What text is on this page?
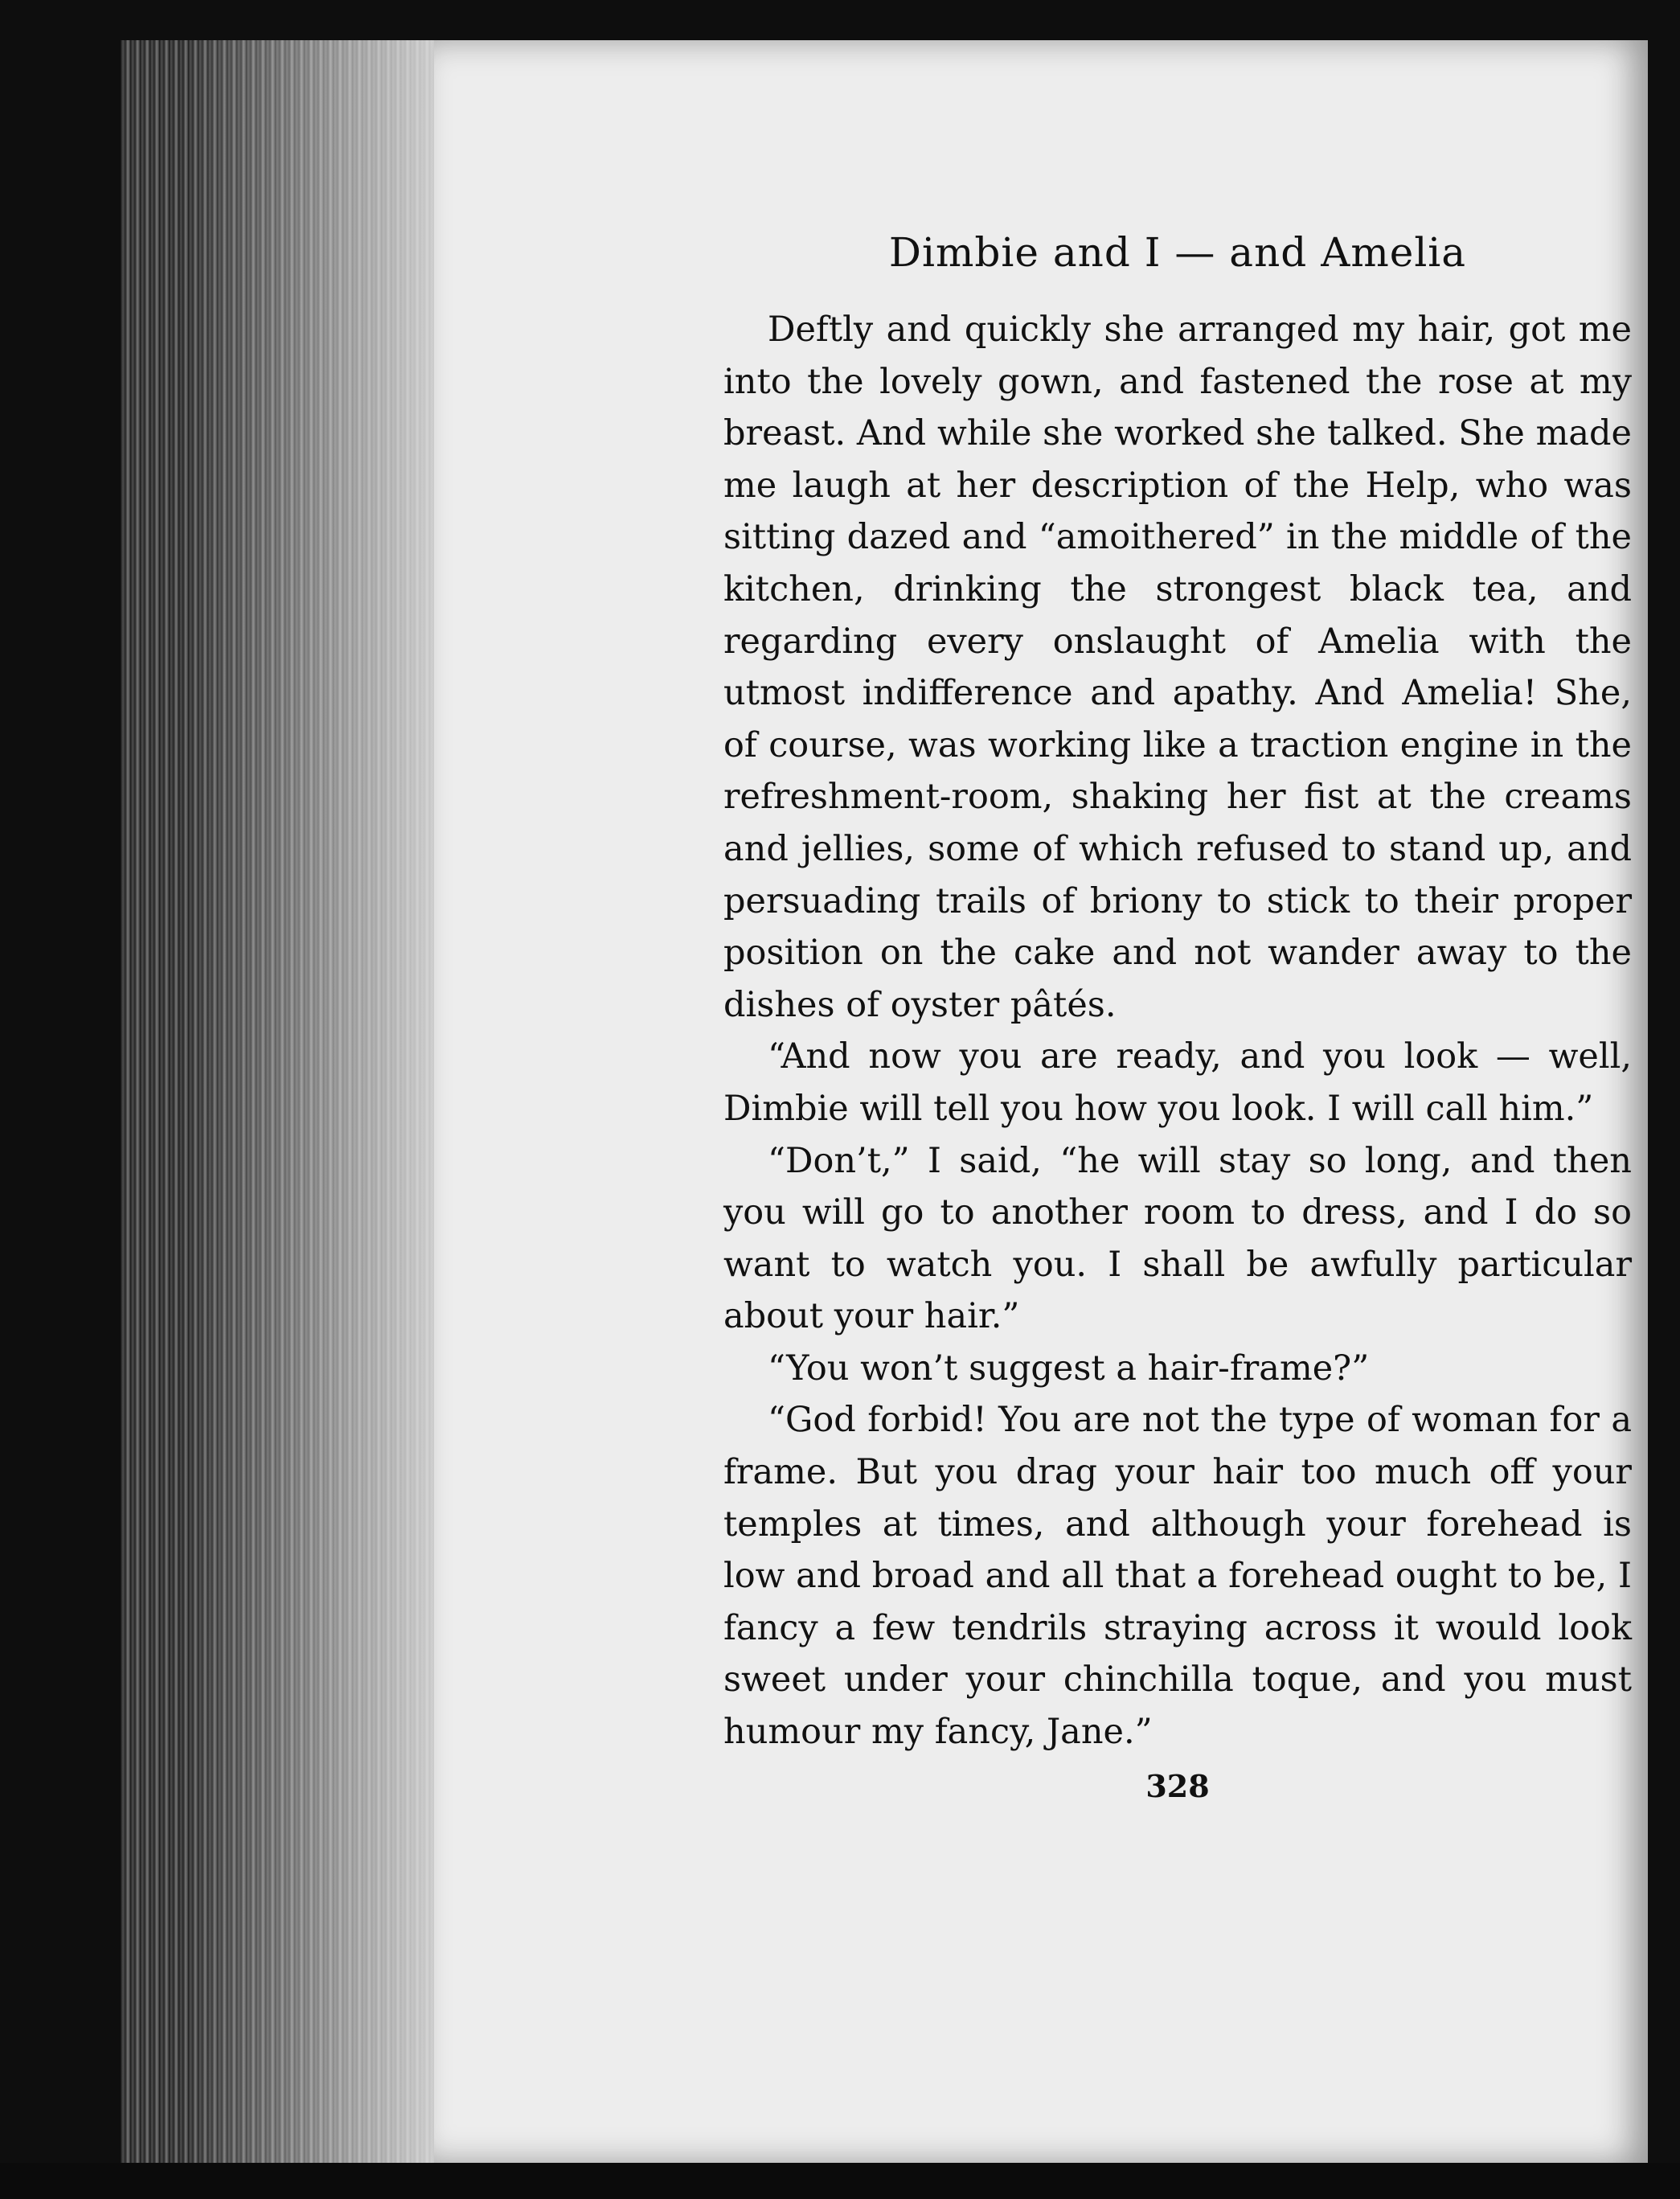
Dimbie and I — and Amelia

Deftly and quickly she arranged my hair, got me into the lovely gown, and fastened the rose at my breast. And while she worked she talked. She made me laugh at her description of the Help, who was sitting dazed and “amoithered” in the middle of the kitchen, drinking the strongest black tea, and regarding every onslaught of Amelia with the utmost indifference and apathy. And Amelia! She, of course, was working like a traction engine in the refreshment-room, shaking her fist at the creams and jellies, some of which refused to stand up, and persuading trails of briony to stick to their proper position on the cake and not wander away to the dishes of oyster pâtés.

“And now you are ready, and you look — well, Dimbie will tell you how you look. I will call him.”

“Don’t,” I said, “he will stay so long, and then you will go to another room to dress, and I do so want to watch you. I shall be awfully particular about your hair.”

“You won’t suggest a hair-frame?”

“God forbid! You are not the type of woman for a frame. But you drag your hair too much off your temples at times, and although your forehead is low and broad and all that a forehead ought to be, I fancy a few tendrils straying across it would look sweet under your chinchilla toque, and you must humour my fancy, Jane.”

328
